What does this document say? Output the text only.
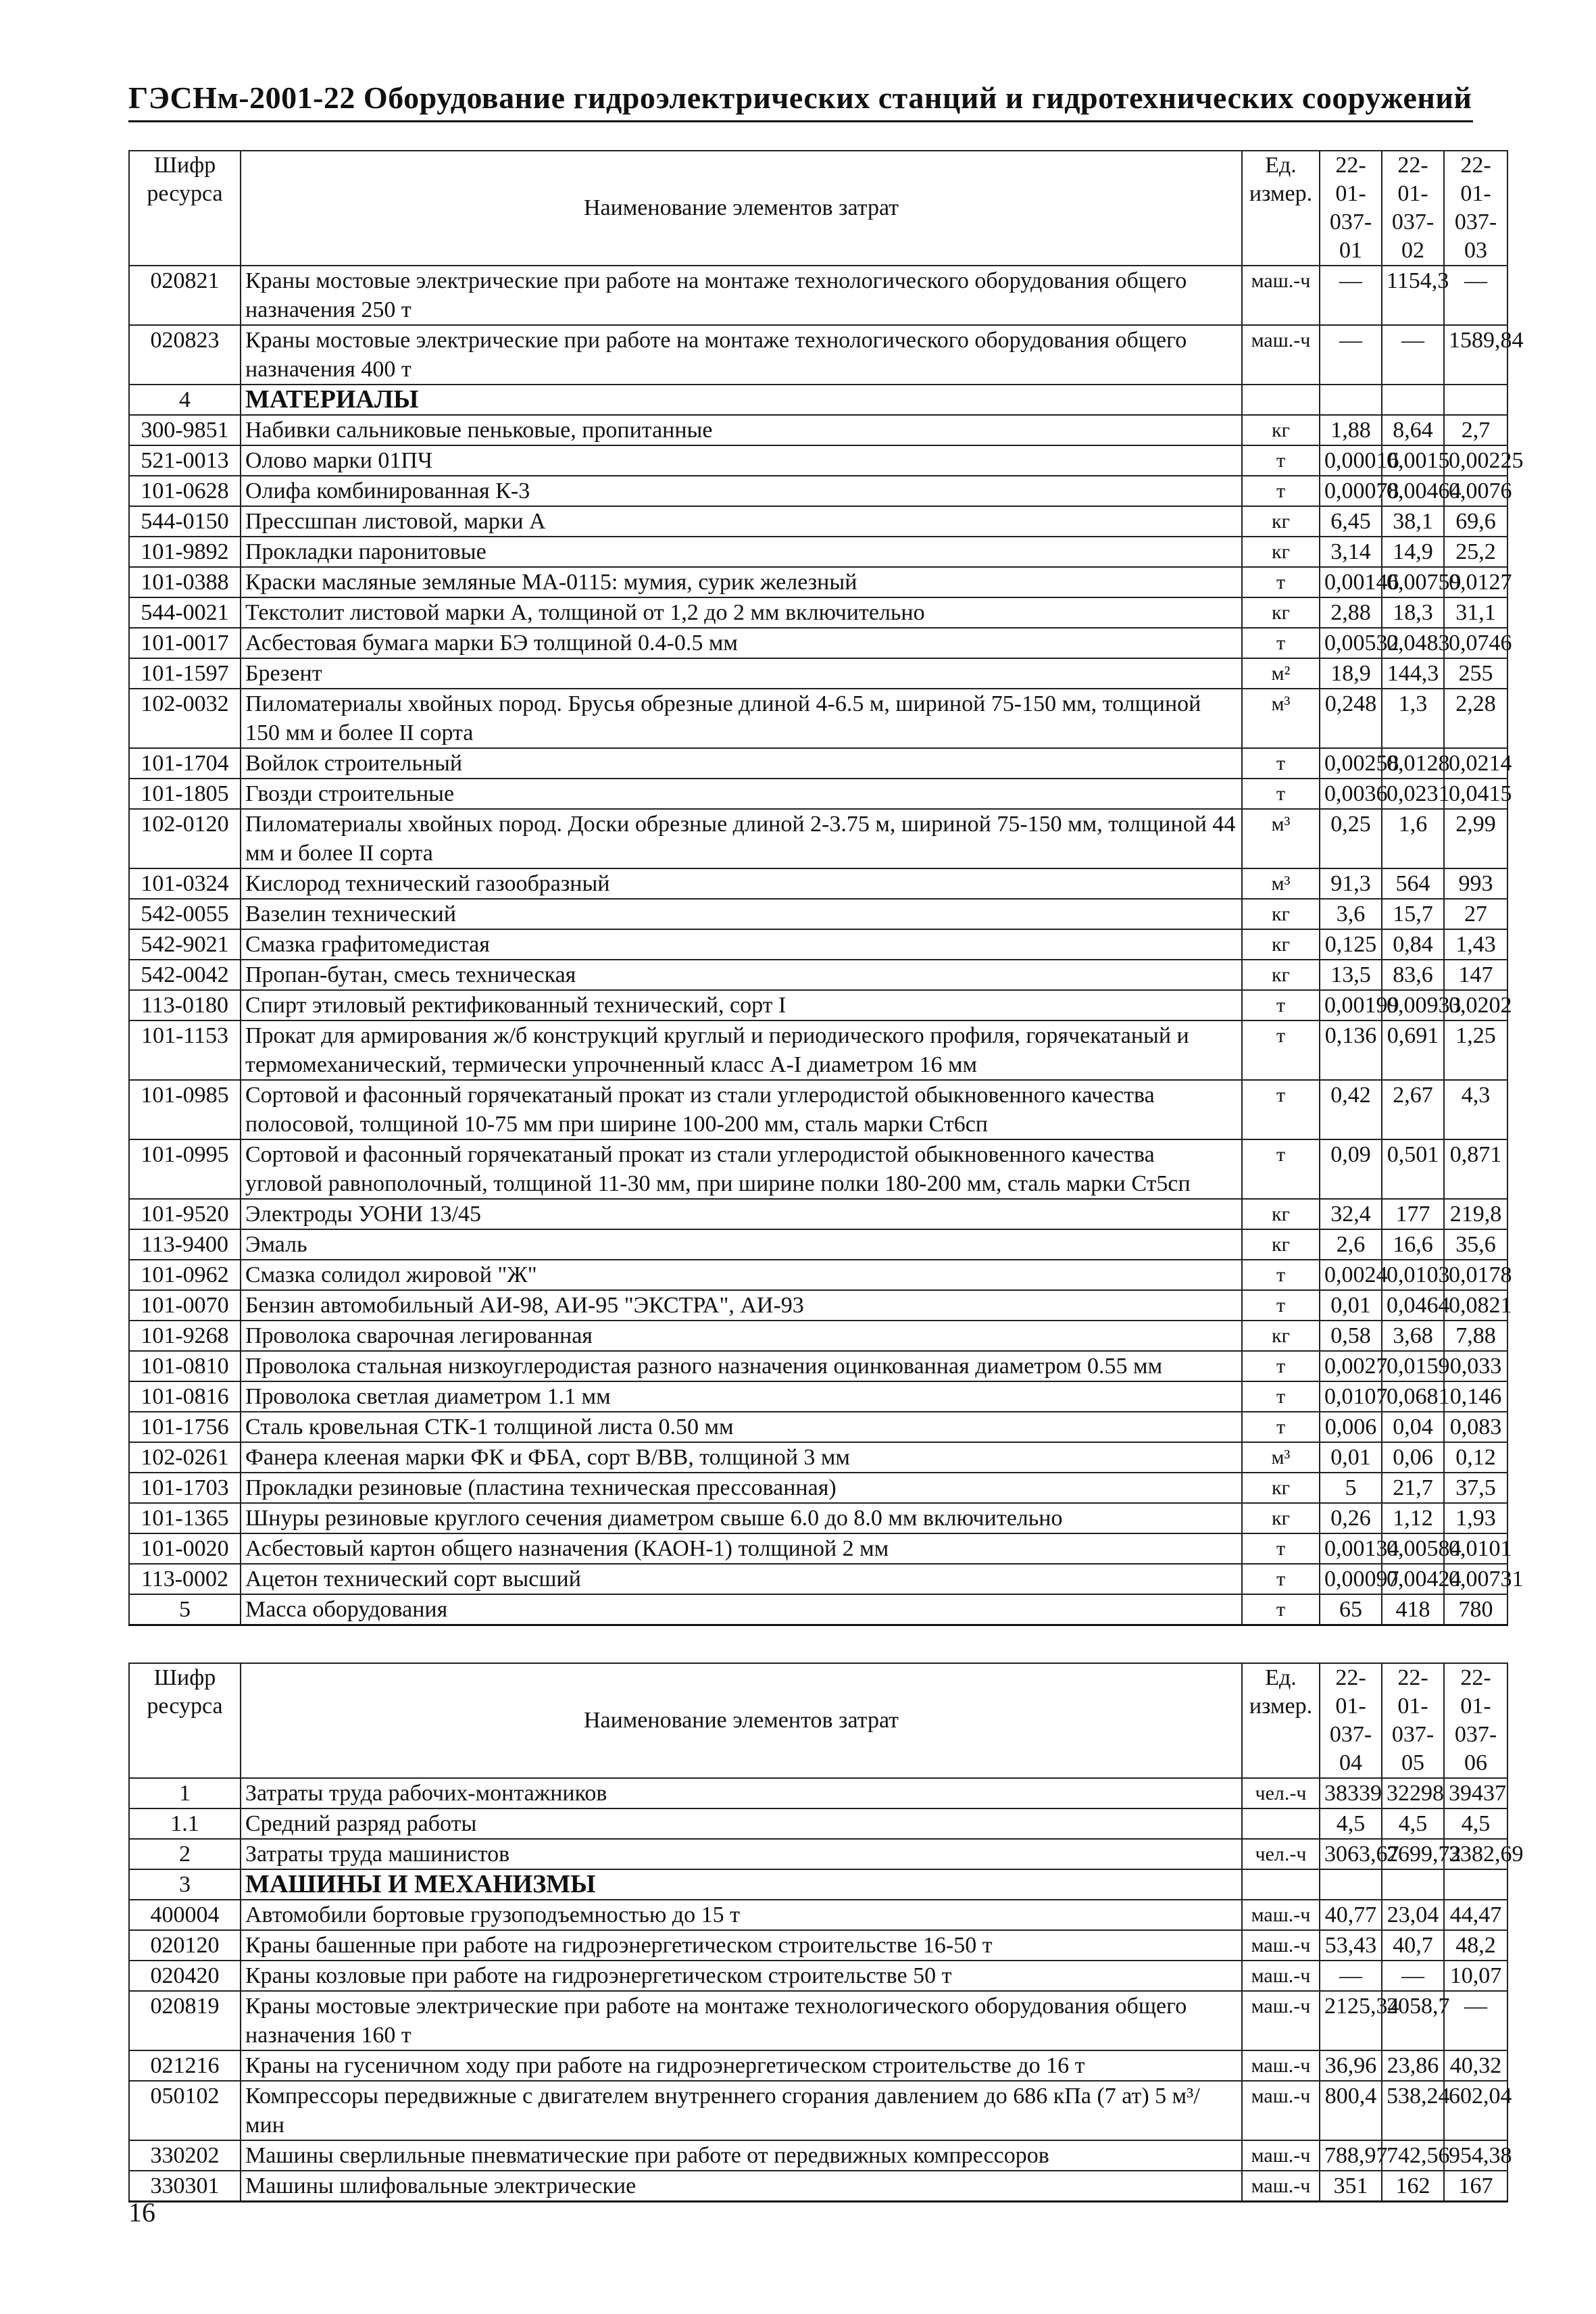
ГЭСНм-2001-22 Оборудование гидроэлектрических станций и гидротехнических сооружений
Шифр ресурса	Наименование элементов затрат	Ед. измер.	22-01-037-01	22-01-037-02	22-01-037-03
020821	Краны мостовые электрические при работе на монтаже технологического оборудования общего назначения 250 т	маш.-ч	—	1154,3	—
020823	Краны мостовые электрические при работе на монтаже технологического оборудования общего назначения 400 т	маш.-ч	—	—	1589,84
4	МАТЕРИАЛЫ				
300-9851	Набивки сальниковые пеньковые, пропитанные	кг	1,88	8,64	2,7
521-0013	Олово марки 01ПЧ	т	0,00016	0,0015	0,00225
101-0628	Олифа комбинированная К-3	т	0,00078	0,00464	0,0076
544-0150	Прессшпан листовой, марки А	кг	6,45	38,1	69,6
101-9892	Прокладки паронитовые	кг	3,14	14,9	25,2
101-0388	Краски масляные земляные МА-0115: мумия, сурик железный	т	0,00146	0,00759	0,0127
544-0021	Текстолит листовой марки А, толщиной от 1,2 до 2 мм включительно	кг	2,88	18,3	31,1
101-0017	Асбестовая бумага марки БЭ толщиной 0.4-0.5 мм	т	0,00532	0,0483	0,0746
101-1597	Брезент	м²	18,9	144,3	255
102-0032	Пиломатериалы хвойных пород. Брусья обрезные длиной 4-6.5 м, шириной 75-150 мм, толщиной 150 мм и более II сорта	м³	0,248	1,3	2,28
101-1704	Войлок строительный	т	0,00258	0,0128	0,0214
101-1805	Гвозди строительные	т	0,0036	0,0231	0,0415
102-0120	Пиломатериалы хвойных пород. Доски обрезные длиной 2-3.75 м, шириной 75-150 мм, толщиной 44 мм и более II сорта	м³	0,25	1,6	2,99
101-0324	Кислород технический газообразный	м³	91,3	564	993
542-0055	Вазелин технический	кг	3,6	15,7	27
542-9021	Смазка графитомедистая	кг	0,125	0,84	1,43
542-0042	Пропан-бутан, смесь техническая	кг	13,5	83,6	147
113-0180	Спирт этиловый ректификованный технический, сорт I	т	0,00199	0,00933	0,0202
101-1153	Прокат для армирования ж/б конструкций круглый и периодического профиля, горячекатаный и термомеханический, термически упрочненный класс А-I диаметром 16 мм	т	0,136	0,691	1,25
101-0985	Сортовой и фасонный горячекатаный прокат из стали углеродистой обыкновенного качества полосовой, толщиной 10-75 мм при ширине 100-200 мм, сталь марки Ст6сп	т	0,42	2,67	4,3
101-0995	Сортовой и фасонный горячекатаный прокат из стали углеродистой обыкновенного качества угловой равнополочный, толщиной 11-30 мм, при ширине полки 180-200 мм, сталь марки Ст5сп	т	0,09	0,501	0,871
101-9520	Электроды УОНИ 13/45	кг	32,4	177	219,8
113-9400	Эмаль	кг	2,6	16,6	35,6
101-0962	Смазка солидол жировой "Ж"	т	0,0024	0,0103	0,0178
101-0070	Бензин автомобильный АИ-98, АИ-95 "ЭКСТРА", АИ-93	т	0,01	0,0464	0,0821
101-9268	Проволока сварочная легированная	кг	0,58	3,68	7,88
101-0810	Проволока стальная низкоуглеродистая разного назначения оцинкованная диаметром 0.55 мм	т	0,0027	0,0159	0,033
101-0816	Проволока светлая диаметром 1.1 мм	т	0,0107	0,0681	0,146
101-1756	Сталь кровельная СТК-1 толщиной листа 0.50 мм	т	0,006	0,04	0,083
102-0261	Фанера клееная марки ФК и ФБА, сорт В/ВВ, толщиной 3 мм	м³	0,01	0,06	0,12
101-1703	Прокладки резиновые (пластина техническая прессованная)	кг	5	21,7	37,5
101-1365	Шнуры резиновые круглого сечения диаметром свыше 6.0 до 8.0 мм включительно	кг	0,26	1,12	1,93
101-0020	Асбестовый картон общего назначения (КАОН-1) толщиной 2 мм	т	0,00134	0,00584	0,0101
113-0002	Ацетон технический сорт высший	т	0,00097	0,00424	0,00731
5	Масса оборудования	т	65	418	780
Шифр ресурса	Наименование элементов затрат	Ед. измер.	22-01-037-04	22-01-037-05	22-01-037-06
1	Затраты труда рабочих-монтажников	чел.-ч	38339	32298	39437
1.1	Средний разряд работы		4,5	4,5	4,5
2	Затраты труда машинистов	чел.-ч	3063,67	2699,72	3382,69
3	МАШИНЫ И МЕХАНИЗМЫ				
400004	Автомобили бортовые грузоподъемностью до 15 т	маш.-ч	40,77	23,04	44,47
020120	Краны башенные при работе на гидроэнергетическом строительстве 16-50 т	маш.-ч	53,43	40,7	48,2
020420	Краны козловые при работе на гидроэнергетическом строительстве 50 т	маш.-ч	—	—	10,07
020819	Краны мостовые электрические при работе на монтаже технологического оборудования общего назначения 160 т	маш.-ч	2125,34	2058,7	—
021216	Краны на гусеничном ходу при работе на гидроэнергетическом строительстве до 16 т	маш.-ч	36,96	23,86	40,32
050102	Компрессоры передвижные с двигателем внутреннего сгорания давлением до 686 кПа (7 ат) 5 м³/мин	маш.-ч	800,4	538,24	602,04
330202	Машины сверлильные пневматические при работе от передвижных компрессоров	маш.-ч	788,97	742,56	954,38
330301	Машины шлифовальные электрические	маш.-ч	351	162	167
16
